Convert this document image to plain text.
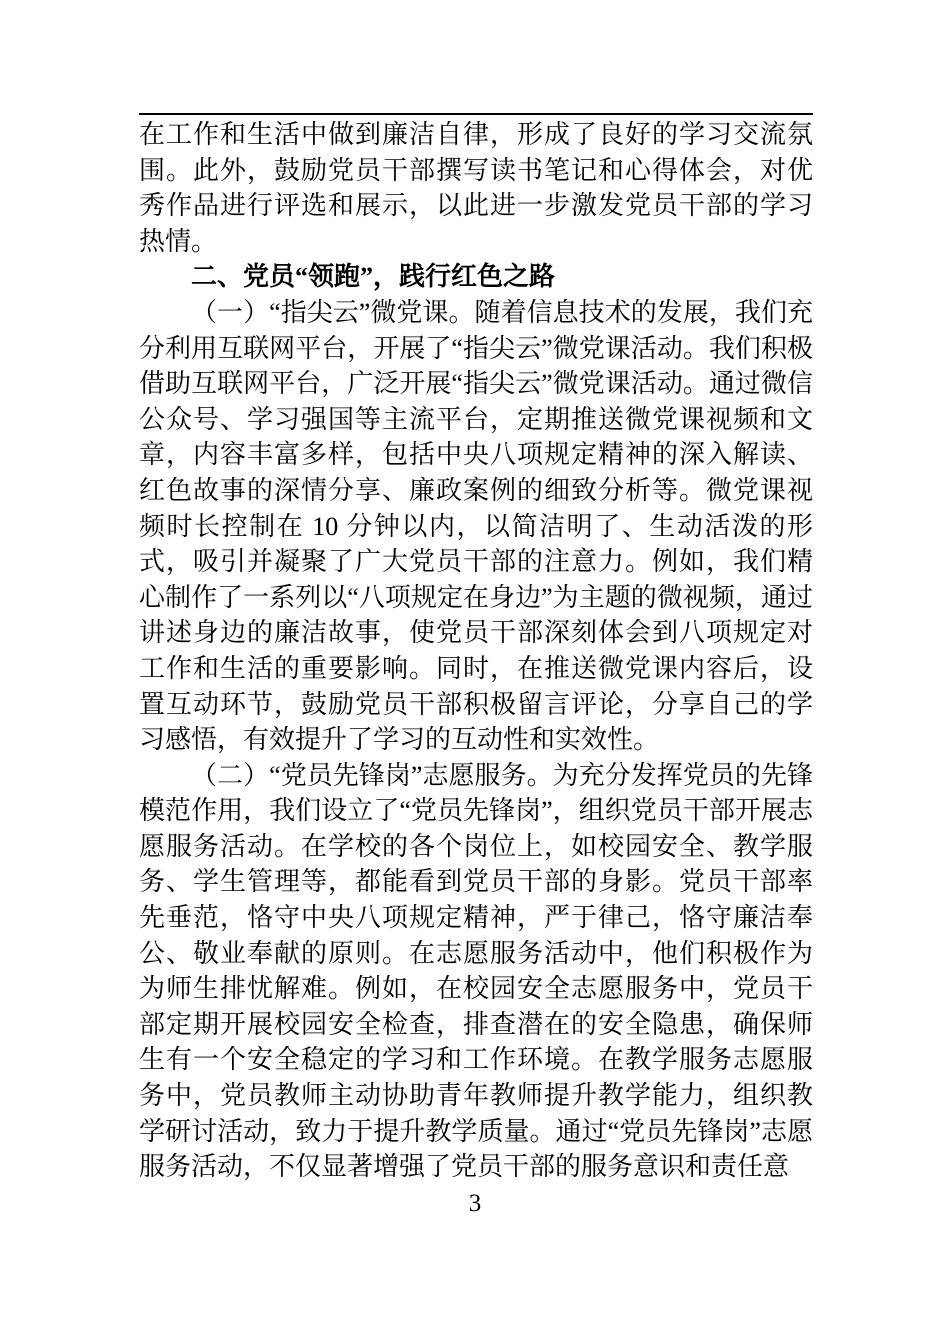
在工作和生活中做到廉洁自律，形成了良好的学习交流氛围。此外，鼓励党员干部撰写读书笔记和心得体会，对优秀作品进行评选和展示，以此进一步激发党员干部的学习热情。

二、党员“领跑”，践行红色之路

（一）“指尖云”微党课。随着信息技术的发展，我们充分利用互联网平台，开展了“指尖云”微党课活动。我们积极借助互联网平台，广泛开展“指尖云”微党课活动。通过微信公众号、学习强国等主流平台，定期推送微党课视频和文章，内容丰富多样，包括中央八项规定精神的深入解读、红色故事的深情分享、廉政案例的细致分析等。微党课视频时长控制在 10 分钟以内，以简洁明了、生动活泼的形式，吸引并凝聚了广大党员干部的注意力。例如，我们精心制作了一系列以“八项规定在身边”为主题的微视频，通过讲述身边的廉洁故事，使党员干部深刻体会到八项规定对工作和生活的重要影响。同时，在推送微党课内容后，设置互动环节，鼓励党员干部积极留言评论，分享自己的学习感悟，有效提升了学习的互动性和实效性。

（二）“党员先锋岗”志愿服务。为充分发挥党员的先锋模范作用，我们设立了“党员先锋岗”，组织党员干部开展志愿服务活动。在学校的各个岗位上，如校园安全、教学服务、学生管理等，都能看到党员干部的身影。党员干部率先垂范，恪守中央八项规定精神，严于律己，恪守廉洁奉公、敬业奉献的原则。在志愿服务活动中，他们积极作为为师生排忧解难。例如，在校园安全志愿服务中，党员干部定期开展校园安全检查，排查潜在的安全隐患，确保师生有一个安全稳定的学习和工作环境。在教学服务志愿服务中，党员教师主动协助青年教师提升教学能力，组织教学研讨活动，致力于提升教学质量。通过“党员先锋岗”志愿服务活动，不仅显著增强了党员干部的服务意识和责任意

3
